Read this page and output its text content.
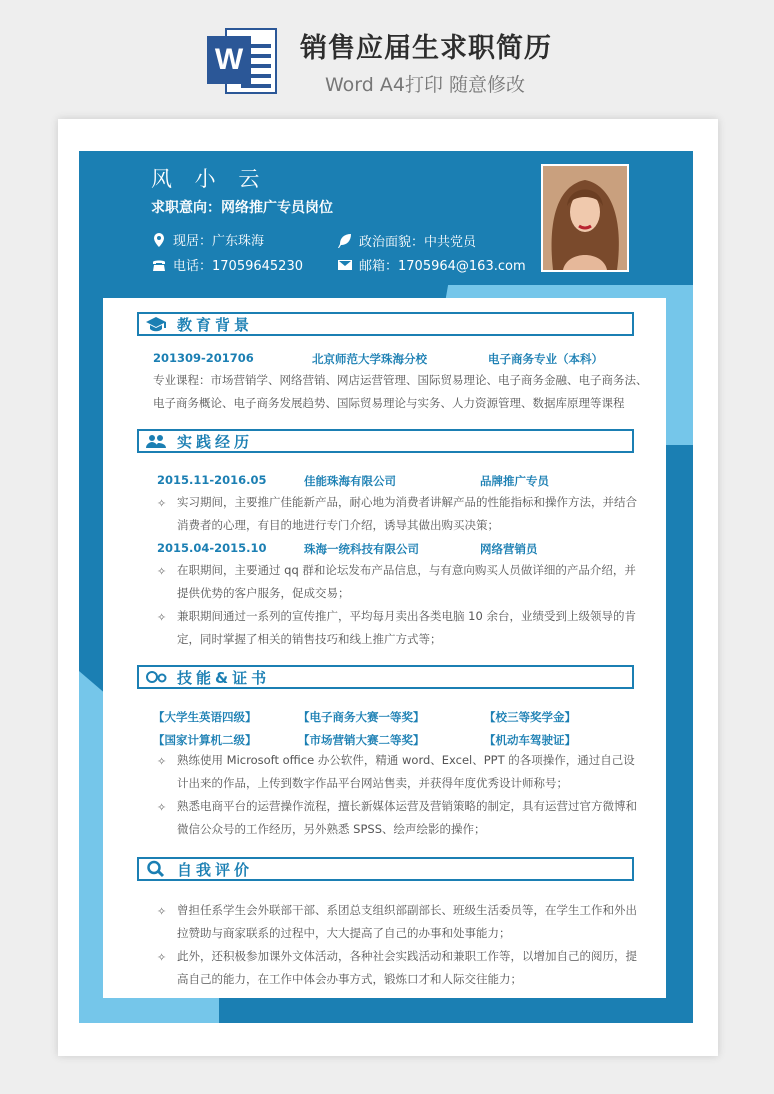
W 销售应届生求职简历
Word A4打印 随意修改
风 小 云
求职意向：网络推广专员岗位
现居：广东珠海	政治面貌：中共党员
电话：17059645230	邮箱：1705964@163.com
教育背景
201309-201706	北京师范大学珠海分校	电子商务专业（本科）
专业课程：市场营销学、网络营销、网店运营管理、国际贸易理论、电子商务金融、电子商务法、
电子商务概论、电子商务发展趋势、国际贸易理论与实务、人力资源管理、数据库原理等课程
实践经历
2015.11-2016.05	佳能珠海有限公司	品牌推广专员
✧ 实习期间，主要推广佳能新产品，耐心地为消费者讲解产品的性能指标和操作方法，并结合消费者的心理，有目的地进行专门介绍，诱导其做出购买决策；
2015.04-2015.10	珠海一统科技有限公司	网络营销员
✧ 在职期间，主要通过 qq 群和论坛发布产品信息，与有意向购买人员做详细的产品介绍，并提供优势的客户服务，促成交易；
✧ 兼职期间通过一系列的宣传推广，平均每月卖出各类电脑 10 余台，业绩受到上级领导的肯定，同时掌握了相关的销售技巧和线上推广方式等；
技能&证书
【大学生英语四级】	【电子商务大赛一等奖】	【校三等奖学金】
【国家计算机二级】	【市场营销大赛二等奖】	【机动车驾驶证】
✧ 熟练使用 Microsoft office 办公软件，精通 word、Excel、PPT 的各项操作，通过自己设计出来的作品，上传到数字作品平台网站售卖，并获得年度优秀设计师称号；
✧ 熟悉电商平台的运营操作流程，擅长新媒体运营及营销策略的制定，具有运营过官方微博和微信公众号的工作经历，另外熟悉 SPSS、绘声绘影的操作；
自我评价
✧ 曾担任系学生会外联部干部、系团总支组织部副部长、班级生活委员等，在学生工作和外出拉赞助与商家联系的过程中，大大提高了自己的办事和处事能力；
✧ 此外，还积极参加课外文体活动，各种社会实践活动和兼职工作等，以增加自己的阅历，提高自己的能力，在工作中体会办事方式，锻炼口才和人际交往能力；
